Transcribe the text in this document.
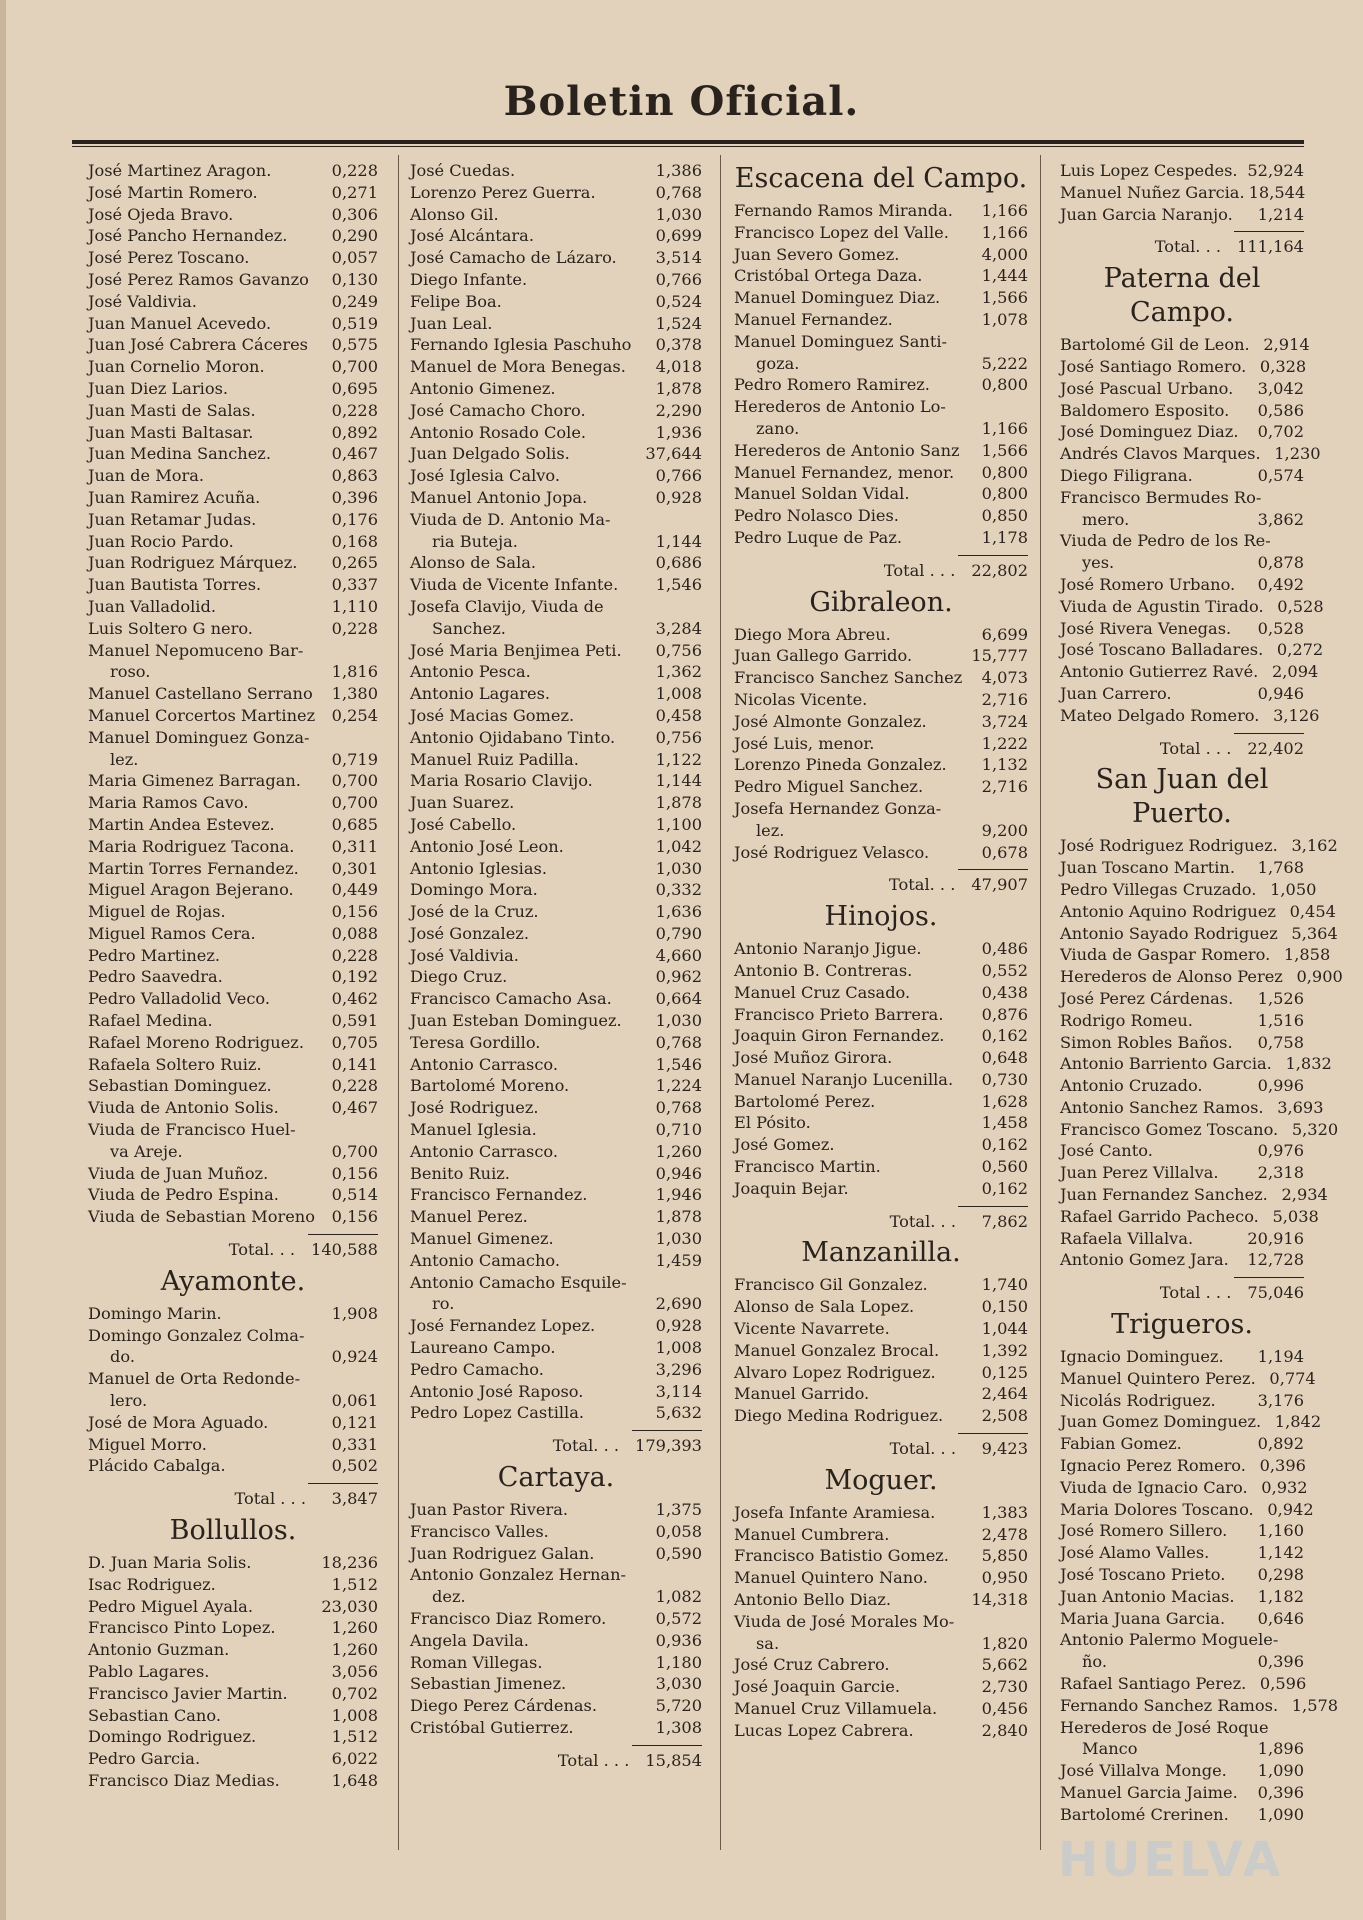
Boletin Oficial.
José Martinez Aragon.	0,228
José Martin Romero.	0,271
José Ojeda Bravo.	0,306
José Pancho Hernandez.	0,290
José Perez Toscano.	0,057
José Perez Ramos Gavanzo	0,130
José Valdivia.	0,249
Juan Manuel Acevedo.	0,519
Juan José Cabrera Cáceres	0,575
Juan Cornelio Moron.	0,700
Juan Diez Larios.	0,695
Juan Masti de Salas.	0,228
Juan Masti Baltasar.	0,892
Juan Medina Sanchez.	0,467
Juan de Mora.	0,863
Juan Ramirez Acuña.	0,396
Juan Retamar Judas.	0,176
Juan Rocio Pardo.	0,168
Juan Rodriguez Márquez.	0,265
Juan Bautista Torres.	0,337
Juan Valladolid.	1,110
Luis Soltero G nero.	0,228
Manuel Nepomuceno Bar-
roso.	1,816
Manuel Castellano Serrano	1,380
Manuel Corcertos Martinez	0,254
Manuel Dominguez Gonza-
lez.	0,719
Maria Gimenez Barragan.	0,700
Maria Ramos Cavo.	0,700
Martin Andea Estevez.	0,685
Maria Rodriguez Tacona.	0,311
Martin Torres Fernandez.	0,301
Miguel Aragon Bejerano.	0,449
Miguel de Rojas.	0,156
Miguel Ramos Cera.	0,088
Pedro Martinez.	0,228
Pedro Saavedra.	0,192
Pedro Valladolid Veco.	0,462
Rafael Medina.	0,591
Rafael Moreno Rodriguez.	0,705
Rafaela Soltero Ruiz.	0,141
Sebastian Dominguez.	0,228
Viuda de Antonio Solis.	0,467
Viuda de Francisco Huel-
va Areje.	0,700
Viuda de Juan Muñoz.	0,156
Viuda de Pedro Espina.	0,514
Viuda de Sebastian Moreno	0,156
Total. . . 140,588
Ayamonte.
Domingo Marin.	1,908
Domingo Gonzalez Colma-
do.	0,924
Manuel de Orta Redonde-
lero.	0,061
José de Mora Aguado.	0,121
Miguel Morro.	0,331
Plácido Cabalga.	0,502
Total . . .	3,847
Bollullos.
D. Juan Maria Solis.	18,236
Isac Rodriguez.	1,512
Pedro Miguel Ayala.	23,030
Francisco Pinto Lopez.	1,260
Antonio Guzman.	1,260
Pablo Lagares.	3,056
Francisco Javier Martin.	0,702
Sebastian Cano.	1,008
Domingo Rodriguez.	1,512
Pedro Garcia.	6,022
Francisco Diaz Medias.	1,648
José Cuedas.	1,386
Lorenzo Perez Guerra.	0,768
Alonso Gil.	1,030
José Alcántara.	0,699
José Camacho de Lázaro.	3,514
Diego Infante.	0,766
Felipe Boa.	0,524
Juan Leal.	1,524
Fernando Iglesia Paschuho	0,378
Manuel de Mora Benegas.	4,018
Antonio Gimenez.	1,878
José Camacho Choro.	2,290
Antonio Rosado Cole.	1,936
Juan Delgado Solis.	37,644
José Iglesia Calvo.	0,766
Manuel Antonio Jopa.	0,928
Viuda de D. Antonio Ma-
ria Buteja.	1,144
Alonso de Sala.	0,686
Viuda de Vicente Infante.	1,546
Josefa Clavijo, Viuda de
Sanchez.	3,284
José Maria Benjimea Peti.	0,756
Antonio Pesca.	1,362
Antonio Lagares.	1,008
José Macias Gomez.	0,458
Antonio Ojidabano Tinto.	0,756
Manuel Ruiz Padilla.	1,122
Maria Rosario Clavijo.	1,144
Juan Suarez.	1,878
José Cabello.	1,100
Antonio José Leon.	1,042
Antonio Iglesias.	1,030
Domingo Mora.	0,332
José de la Cruz.	1,636
José Gonzalez.	0,790
José Valdivia.	4,660
Diego Cruz.	0,962
Francisco Camacho Asa.	0,664
Juan Esteban Dominguez.	1,030
Teresa Gordillo.	0,768
Antonio Carrasco.	1,546
Bartolomé Moreno.	1,224
José Rodriguez.	0,768
Manuel Iglesia.	0,710
Antonio Carrasco.	1,260
Benito Ruiz.	0,946
Francisco Fernandez.	1,946
Manuel Perez.	1,878
Manuel Gimenez.	1,030
Antonio Camacho.	1,459
Antonio Camacho Esquile-
ro.	2,690
José Fernandez Lopez.	0,928
Laureano Campo.	1,008
Pedro Camacho.	3,296
Antonio José Raposo.	3,114
Pedro Lopez Castilla.	5,632
Total. . . 179,393
Cartaya.
Juan Pastor Rivera.	1,375
Francisco Valles.	0,058
Juan Rodriguez Galan.	0,590
Antonio Gonzalez Hernan-
dez.	1,082
Francisco Diaz Romero.	0,572
Angela Davila.	0,936
Roman Villegas.	1,180
Sebastian Jimenez.	3,030
Diego Perez Cárdenas.	5,720
Cristóbal Gutierrez.	1,308
Total . . . 15,854
Escacena del Campo.
Fernando Ramos Miranda.	1,166
Francisco Lopez del Valle.	1,166
Juan Severo Gomez.	4,000
Cristóbal Ortega Daza.	1,444
Manuel Dominguez Diaz.	1,566
Manuel Fernandez.	1,078
Manuel Dominguez Santi-
goza.	5,222
Pedro Romero Ramirez.	0,800
Herederos de Antonio Lo-
zano.	1,166
Herederos de Antonio Sanz	1,566
Manuel Fernandez, menor.	0,800
Manuel Soldan Vidal.	0,800
Pedro Nolasco Dies.	0,850
Pedro Luque de Paz.	1,178
Total . . . 22,802
Gibraleon.
Diego Mora Abreu.	6,699
Juan Gallego Garrido.	15,777
Francisco Sanchez Sanchez	4,073
Nicolas Vicente.	2,716
José Almonte Gonzalez.	3,724
José Luis, menor.	1,222
Lorenzo Pineda Gonzalez.	1,132
Pedro Miguel Sanchez.	2,716
Josefa Hernandez Gonza-
lez.	9,200
José Rodriguez Velasco.	0,678
Total. . . 47,907
Hinojos.
Antonio Naranjo Jigue.	0,486
Antonio B. Contreras.	0,552
Manuel Cruz Casado.	0,438
Francisco Prieto Barrera.	0,876
Joaquin Giron Fernandez.	0,162
José Muñoz Girora.	0,648
Manuel Naranjo Lucenilla.	0,730
Bartolomé Perez.	1,628
El Pósito.	1,458
José Gomez.	0,162
Francisco Martin.	0,560
Joaquin Bejar.	0,162
Total. . .	7,862
Manzanilla.
Francisco Gil Gonzalez.	1,740
Alonso de Sala Lopez.	0,150
Vicente Navarrete.	1,044
Manuel Gonzalez Brocal.	1,392
Alvaro Lopez Rodriguez.	0,125
Manuel Garrido.	2,464
Diego Medina Rodriguez.	2,508
Total. . .	9,423
Moguer.
Josefa Infante Aramiesa.	1,383
Manuel Cumbrera.	2,478
Francisco Batistio Gomez.	5,850
Manuel Quintero Nano.	0,950
Antonio Bello Diaz.	14,318
Viuda de José Morales Mo-
sa.	1,820
José Cruz Cabrero.	5,662
José Joaquin Garcie.	2,730
Manuel Cruz Villamuela.	0,456
Lucas Lopez Cabrera.	2,840
Luis Lopez Cespedes. 52,924
Manuel Nuñez Garcia. 18,544
Juan Garcia Naranjo.	1,214
Total. . . 111,164
Paterna del Campo.
Bartolomé Gil de Leon. 2,914
José Santiago Romero. 0,328
José Pascual Urbano.	3,042
Baldomero Esposito.	0,586
José Dominguez Diaz.	0,702
Andrés Clavos Marques. 1,230
Diego Filigrana.	0,574
Francisco Bermudes Ro-
mero.	3,862
Viuda de Pedro de los Re-
yes.	0,878
José Romero Urbano.	0,492
Viuda de Agustin Tirado. 0,528
José Rivera Venegas.	0,528
José Toscano Balladares. 0,272
Antonio Gutierrez Ravé. 2,094
Juan Carrero.	0,946
Mateo Delgado Romero. 3,126
Total . . . 22,402
San Juan del Puerto.
José Rodriguez Rodriguez. 3,162
Juan Toscano Martin.	1,768
Pedro Villegas Cruzado. 1,050
Antonio Aquino Rodriguez 0,454
Antonio Sayado Rodriguez 5,364
Viuda de Gaspar Romero. 1,858
Herederos de Alonso Perez 0,900
José Perez Cárdenas.	1,526
Rodrigo Romeu.	1,516
Simon Robles Baños.	0,758
Antonio Barriento Garcia. 1,832
Antonio Cruzado.	0,996
Antonio Sanchez Ramos. 3,693
Francisco Gomez Toscano. 5,320
José Canto.	0,976
Juan Perez Villalva.	2,318
Juan Fernandez Sanchez. 2,934
Rafael Garrido Pacheco. 5,038
Rafaela Villalva.	20,916
Antonio Gomez Jara. 12,728
Total . . . 75,046
Trigueros.
Ignacio Dominguez.	1,194
Manuel Quintero Perez. 0,774
Nicolás Rodriguez.	3,176
Juan Gomez Dominguez. 1,842
Fabian Gomez.	0,892
Ignacio Perez Romero. 0,396
Viuda de Ignacio Caro. 0,932
Maria Dolores Toscano. 0,942
José Romero Sillero.	1,160
José Alamo Valles.	1,142
José Toscano Prieto.	0,298
Juan Antonio Macias.	1,182
Maria Juana Garcia.	0,646
Antonio Palermo Moguele-
ño.	0,396
Rafael Santiago Perez. 0,596
Fernando Sanchez Ramos. 1,578
Herederos de José Roque
Manco	1,896
José Villalva Monge.	1,090
Manuel Garcia Jaime.	0,396
Bartolomé Crerinen.	1,090
HUELVA
